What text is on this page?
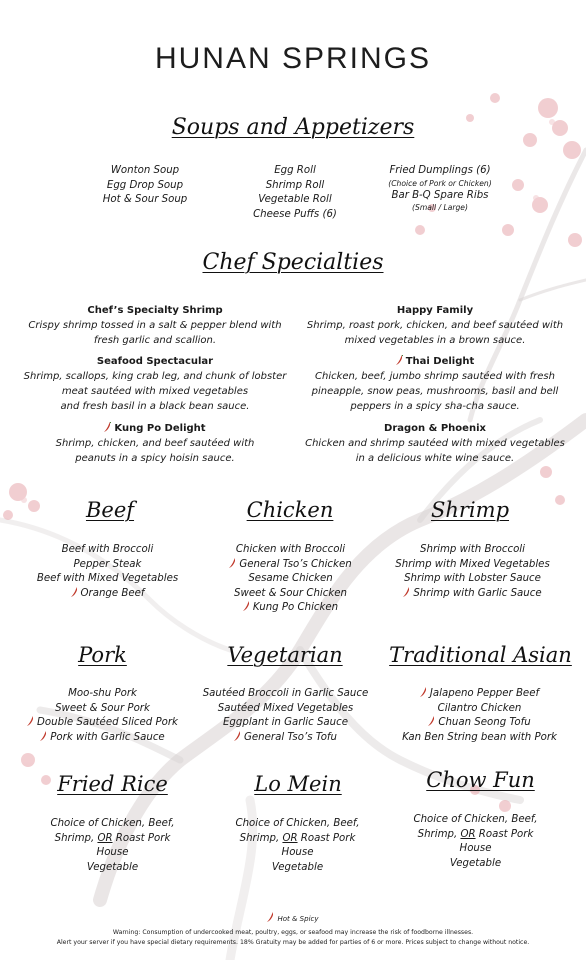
HUNAN SPRINGS
Soups and Appetizers
Wonton Soup
Egg Drop Soup
Hot & Sour Soup
Egg Roll
Shrimp Roll
Vegetable Roll
Cheese Puffs (6)
Fried Dumplings (6)
(Choice of Pork or Chicken)
Bar B-Q Spare Ribs
(Small / Large)
Chef Specialties
Chef’s Specialty Shrimp
Crispy shrimp tossed in a salt & pepper blend with
fresh garlic and scallion.
Seafood Spectacular
Shrimp, scallops, king crab leg, and chunk of lobster
meat sautéed with mixed vegetables
and fresh basil in a black bean sauce.
Kung Po Delight
Shrimp, chicken, and beef sautéed with
peanuts in a spicy hoisin sauce.
Happy Family
Shrimp, roast pork, chicken, and beef sautéed with
mixed vegetables in a brown sauce.
Thai Delight
Chicken, beef, jumbo shrimp sautéed with fresh
pineapple, snow peas, mushrooms, basil and bell
peppers in a spicy sha-cha sauce.
Dragon & Phoenix
Chicken and shrimp sautéed with mixed vegetables
in a delicious white wine sauce.
Beef	Chicken	Shrimp
Beef with Broccoli
Pepper Steak
Beef with Mixed Vegetables
Orange Beef
Chicken with Broccoli
General Tso’s Chicken
Sesame Chicken
Sweet & Sour Chicken
Kung Po Chicken
Shrimp with Broccoli
Shrimp with Mixed Vegetables
Shrimp with Lobster Sauce
Shrimp with Garlic Sauce
Pork	Vegetarian	Traditional Asian
Moo-shu Pork
Sweet & Sour Pork
Double Sautéed Sliced Pork
Pork with Garlic Sauce
Sautéed Broccoli in Garlic Sauce
Sautéed Mixed Vegetables
Eggplant in Garlic Sauce
General Tso’s Tofu
Jalapeno Pepper Beef
Cilantro Chicken
Chuan Seong Tofu
Kan Ben String bean with Pork
Fried Rice	Lo Mein	Chow Fun
Choice of Chicken, Beef,
Shrimp, OR Roast Pork
House
Vegetable
Choice of Chicken, Beef,
Shrimp, OR Roast Pork
House
Vegetable
Choice of Chicken, Beef,
Shrimp, OR Roast Pork
House
Vegetable
Hot & Spicy
Warning: Consumption of undercooked meat, poultry, eggs, or seafood may increase the risk of foodborne illnesses.
Alert your server if you have special dietary requirements. 18% Gratuity may be added for parties of 6 or more. Prices subject to change without notice.
